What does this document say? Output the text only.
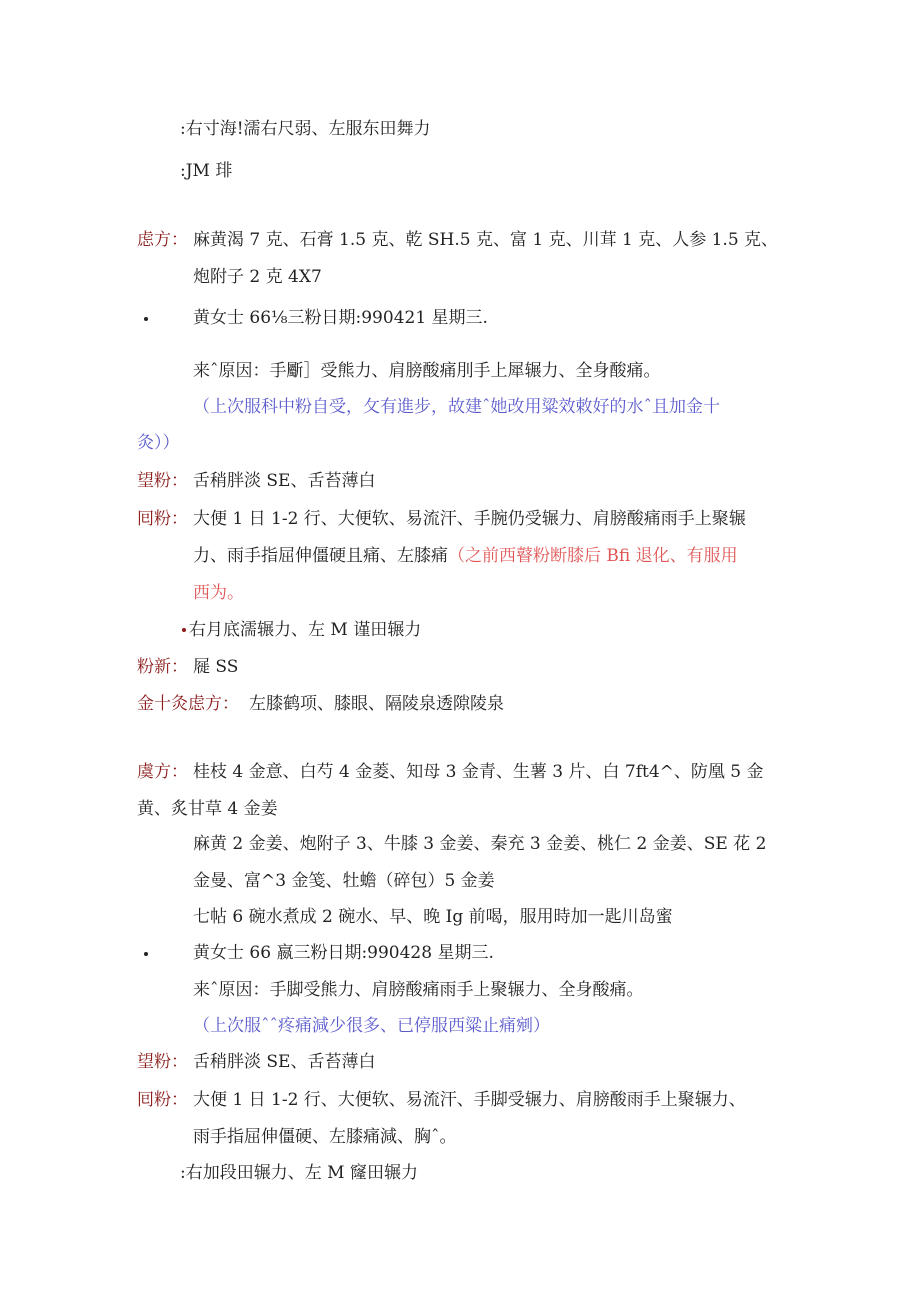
:右寸海!濡右尺弱、左服东田舞力
:JM 琲
虑方： 麻黄渴 7 克、石膏 1.5 克、乾 SH.5 克、富 1 克、川茸 1 克、人参 1.5 克、
炮附子 2 克 4X7
黄女士 66⅛三粉日期:990421 星期三.
来ˆ原因：手斸］受熊力、肩膀酸痛刖手上犀辗力、全身酸痛。
（上次服科中粉自受，攵有進步，故建ˆ她改用粱效敕好的水ˆ且加金十
灸））
望粉： 舌稍胖淡 SE、舌苔薄白
囘粉： 大便 1 日 1-2 行、大便软、易流汗、手腕仍受辗力、肩膀酸痛雨手上聚辗
力、雨手指屈伸僵硬且痛、左膝痛（之前西瞽粉断膝后 Bfi 退化、有服用
西为。
右月底濡辗力、左 M 谨田辗力
粉新： 屣 SS
金十灸虑方： 左膝鹤项、膝眼、隔陵泉透隙陵泉
虞方： 桂枝 4 金意、白芍 4 金菱、知母 3 金青、生薯 3 片、白 7ft4^、防凰 5 金
黄、炙甘草 4 金姜
麻黄 2 金姜、炮附子 3、牛膝 3 金姜、秦充 3 金姜、桃仁 2 金姜、SE 花 2
金曼、富^3 金笺、牡蟾（碎包）5 金姜
七帖 6 碗水煮成 2 碗水、早、晚 Ig 前喝，服用時加一匙川岛蜜
黄女士 66 嬴三粉日期:990428 星期三.
来ˆ原因：手脚受熊力、肩膀酸痛雨手上聚辗力、全身酸痛。
（上次服ˆˆ疼痛減少很多、已停服西粱止痛剜）
望粉： 舌稍胖淡 SE、舌苔薄白
囘粉： 大便 1 日 1-2 行、大便软、易流汗、手脚受辗力、肩膀酸雨手上聚辗力、
雨手指屈伸僵硬、左膝痛減、胸ˆ。
:右加段田辗力、左 M 窿田辗力
